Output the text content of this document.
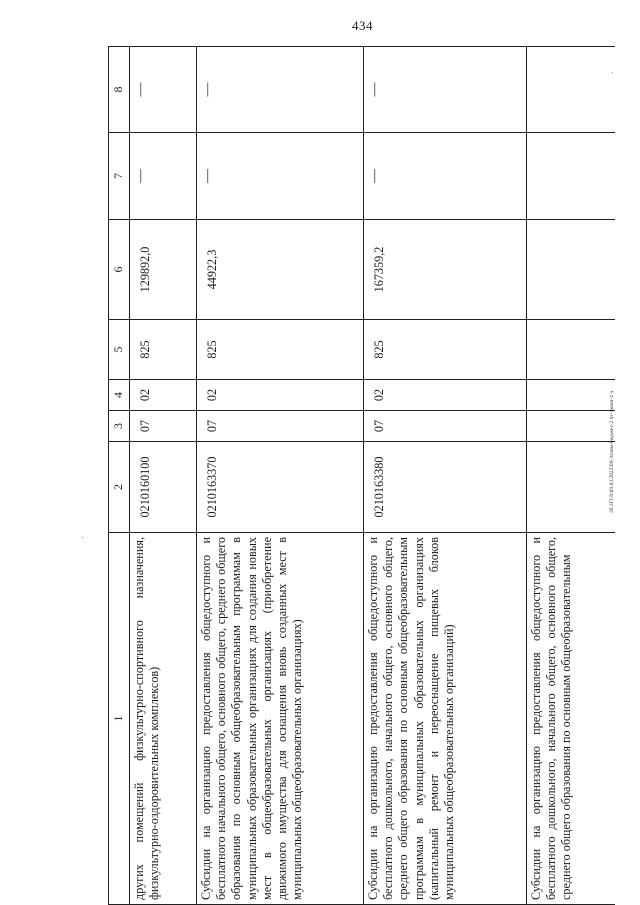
434
20.3ГС6\09.03.2022\09-34зем-бюджет-2 чт-закон-4 ч
1	2	3	4	5	6	7	8
других помещений физкультурно-спортивного назначения, физкультурно-оздоровительных комплексов)	0210160100	07	02	825	129892,0	—	—
Субсидии на организацию предоставления общедоступного и бесплатного начального общего, основного общего, среднего общего образования по основным общеобразовательным программам в муниципальных образовательных организациях для создания новых мест в общеобразовательных организациях (приобретение движимого имущества для оснащения вновь созданных мест в муниципальных общеобразовательных организациях)	0210163370	07	02	825	44922,3	—	—
Субсидии на организацию предоставления общедоступного и бесплатного дошкольного, начального общего, основного общего, среднего общего образования по основным общеобразовательным программам в муниципальных образовательных организациях (капитальный ремонт и переоснащение пищевых блоков муниципальных общеобразовательных организаций)	0210163380	07	02	825	167359,2	—	—
Субсидии на организацию предоставления общедоступного и бесплатного дошкольного, начального общего, основного общего, среднего общего образования по основным общеобразовательным							
